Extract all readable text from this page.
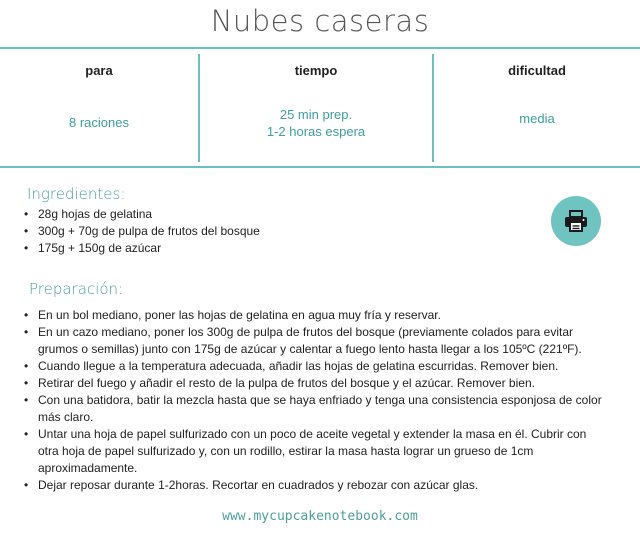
Nubes caseras
para
8 raciones
tiempo
25 min prep.
1-2 horas espera
dificultad
media
Ingredientes:
• 28g hojas de gelatina
• 300g + 70g de pulpa de frutos del bosque
• 175g + 150g de azúcar
Preparación:
• En un bol mediano, poner las hojas de gelatina en agua muy fría y reservar.
• En un cazo mediano, poner los 300g de pulpa de frutos del bosque (previamente colados para evitar grumos o semillas) junto con 175g de azúcar y calentar a fuego lento hasta llegar a los 105ºC (221ºF).
• Cuando llegue a la temperatura adecuada, añadir las hojas de gelatina escurridas. Remover bien.
• Retirar del fuego y añadir el resto de la pulpa de frutos del bosque y el azúcar. Remover bien.
• Con una batidora, batir la mezcla hasta que se haya enfriado y tenga una consistencia esponjosa de color más claro.
• Untar una hoja de papel sulfurizado con un poco de aceite vegetal y extender la masa en él. Cubrir con otra hoja de papel sulfurizado y, con un rodillo, estirar la masa hasta lograr un grueso de 1cm aproximadamente.
• Dejar reposar durante 1-2horas. Recortar en cuadrados y rebozar con azúcar glas.
www.mycupcakenotebook.com
